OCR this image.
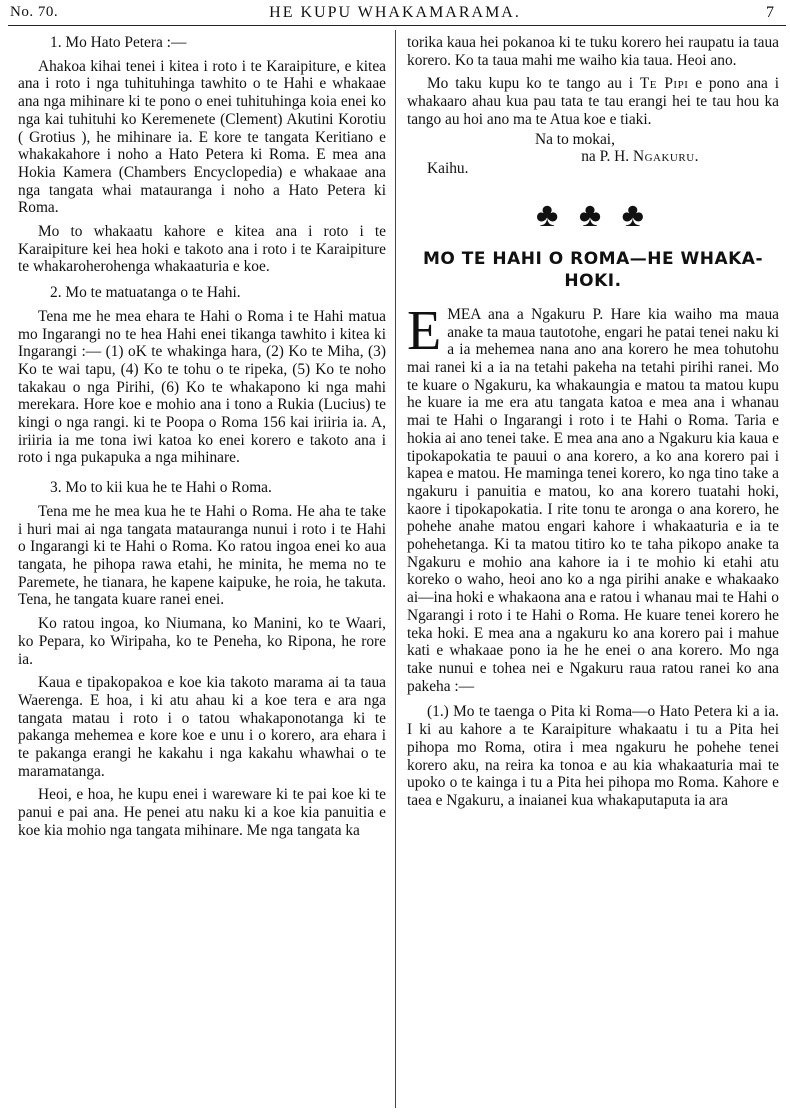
No. 70.	HE KUPU WHAKAMARAMA.	7

1. Mo Hato Petera :—

Ahakoa kihai tenei i kitea i roto i te Karaipiture, e kitea ana i roto i nga tuhituhinga tawhito o te Hahi e whakaae ana nga mihinare ki te pono o enei tuhituhinga koia enei ko nga kai tuhituhi ko Keremenete (Clement) Akutini Korotiu ( Grotius ), he mihinare ia. E kore te tangata Keritiano e whakakahore i noho a Hato Petera ki Roma. E mea ana Hokia Kamera (Chambers Encyclopedia) e whakaae ana nga tangata whai matauranga i noho a Hato Petera ki Roma.

Mo to whakaatu kahore e kitea ana i roto i te Karaipiture kei hea hoki e takoto ana i roto i te Karaipiture te whakaroherohenga whakaaturia e koe.

2. Mo te matuatanga o te Hahi.

Tena me he mea ehara te Hahi o Roma i te Hahi matua mo Ingarangi no te hea Hahi enei tikanga tawhito i kitea ki Ingarangi :— (1) oK te whakinga hara, (2) Ko te Miha, (3) Ko te wai tapu, (4) Ko te tohu o te ripeka, (5) Ko te noho takakau o nga Pirihi, (6) Ko te whakapono ki nga mahi merekara. Hore koe e mohio ana i tono a Rukia (Lucius) te kingi o nga rangi. ki te Poopa o Roma 156 kai iriiria ia. A, iriiria ia me tona iwi katoa ko enei korero e takoto ana i roto i nga pukapuka a nga mihinare.

3. Mo to kii kua he te Hahi o Roma.

Tena me he mea kua he te Hahi o Roma. He aha te take i huri mai ai nga tangata matauranga nunui i roto i te Hahi o Ingarangi ki te Hahi o Roma. Ko ratou ingoa enei ko aua tangata, he pihopa rawa etahi, he minita, he mema no te Paremete, he tianara, he kapene kaipuke, he roia, he takuta. Tena, he tangata kuare ranei enei.

Ko ratou ingoa, ko Niumana, ko Manini, ko te Waari, ko Pepara, ko Wiripaha, ko te Peneha, ko Ripona, he rore ia.

Kaua e tipakopakoa e koe kia takoto marama ai ta taua Waerenga. E hoa, i ki atu ahau ki a koe tera e ara nga tangata matau i roto i o tatou whakaponotanga ki te pakanga mehemea e kore koe e unu i o korero, ara ehara i te pakanga erangi he kakahu i nga kakahu whawhai o te maramatanga.

Heoi, e hoa, he kupu enei i wareware ki te pai koe ki te panui e pai ana. He penei atu naku ki a koe kia panuitia e koe kia mohio nga tangata mihinare. Me nga tangata ka

torika kaua hei pokanoa ki te tuku korero hei raupatu ia taua korero. Ko ta taua mahi me waiho kia taua. Heoi ano.

Mo taku kupu ko te tango au i Te Pipi e pono ana i whakaaro ahau kua pau tata te tau erangi hei te tau hou ka tango au hoi ano ma te Atua koe e tiaki.

Na to mokai,
Kaihu.
na P. H. Ngakuru.
♣ ♣ ♣
MO TE HAHI O ROMA—HE WHAKA-
HOKI.

EMEA ana a Ngakuru P. Hare kia waiho ma maua anake ta maua tautotohe, engari he patai tenei naku ki a ia mehemea nana ano ana korero he mea tohutohu mai ranei ki a ia na tetahi pakeha na tetahi pirihi ranei. Mo te kuare o Ngakuru, ka whakaungia e matou ta matou kupu he kuare ia me era atu tangata katoa e mea ana i whanau mai te Hahi o Ingarangi i roto i te Hahi o Roma. Taria e hokia ai ano tenei take. E mea ana ano a Ngakuru kia kaua e tipokapokatia te pauui o ana korero, a ko ana korero pai i kapea e matou. He maminga tenei korero, ko nga tino take a ngakuru i panuitia e matou, ko ana korero tuatahi hoki, kaore i tipokapokatia. I rite tonu te aronga o ana korero, he pohehe anahe matou engari kahore i whakaaturia e ia te pohehetanga. Ki ta matou titiro ko te taha pikopo anake ta Ngakuru e mohio ana kahore ia i te mohio ki etahi atu koreko o waho, heoi ano ko a nga pirihi anake e whakaako ai—ina hoki e whakaona ana e ratou i whanau mai te Hahi o Ngarangi i roto i te Hahi o Roma. He kuare tenei korero he teka hoki. E mea ana a ngakuru ko ana korero pai i mahue kati e whakaae pono ia he he enei o ana korero. Mo nga take nunui e tohea nei e Ngakuru raua ratou ranei ko ana pakeha :—

(1.) Mo te taenga o Pita ki Roma—o Hato Petera ki a ia. I ki au kahore a te Karaipiture whakaatu i tu a Pita hei pihopa mo Roma, otira i mea ngakuru he pohehe tenei korero aku, na reira ka tonoa e au kia whakaaturia mai te upoko o te kainga i tu a Pita hei pihopa mo Roma. Kahore e taea e Ngakuru, a inaianei kua whakaputaputa ia ara
